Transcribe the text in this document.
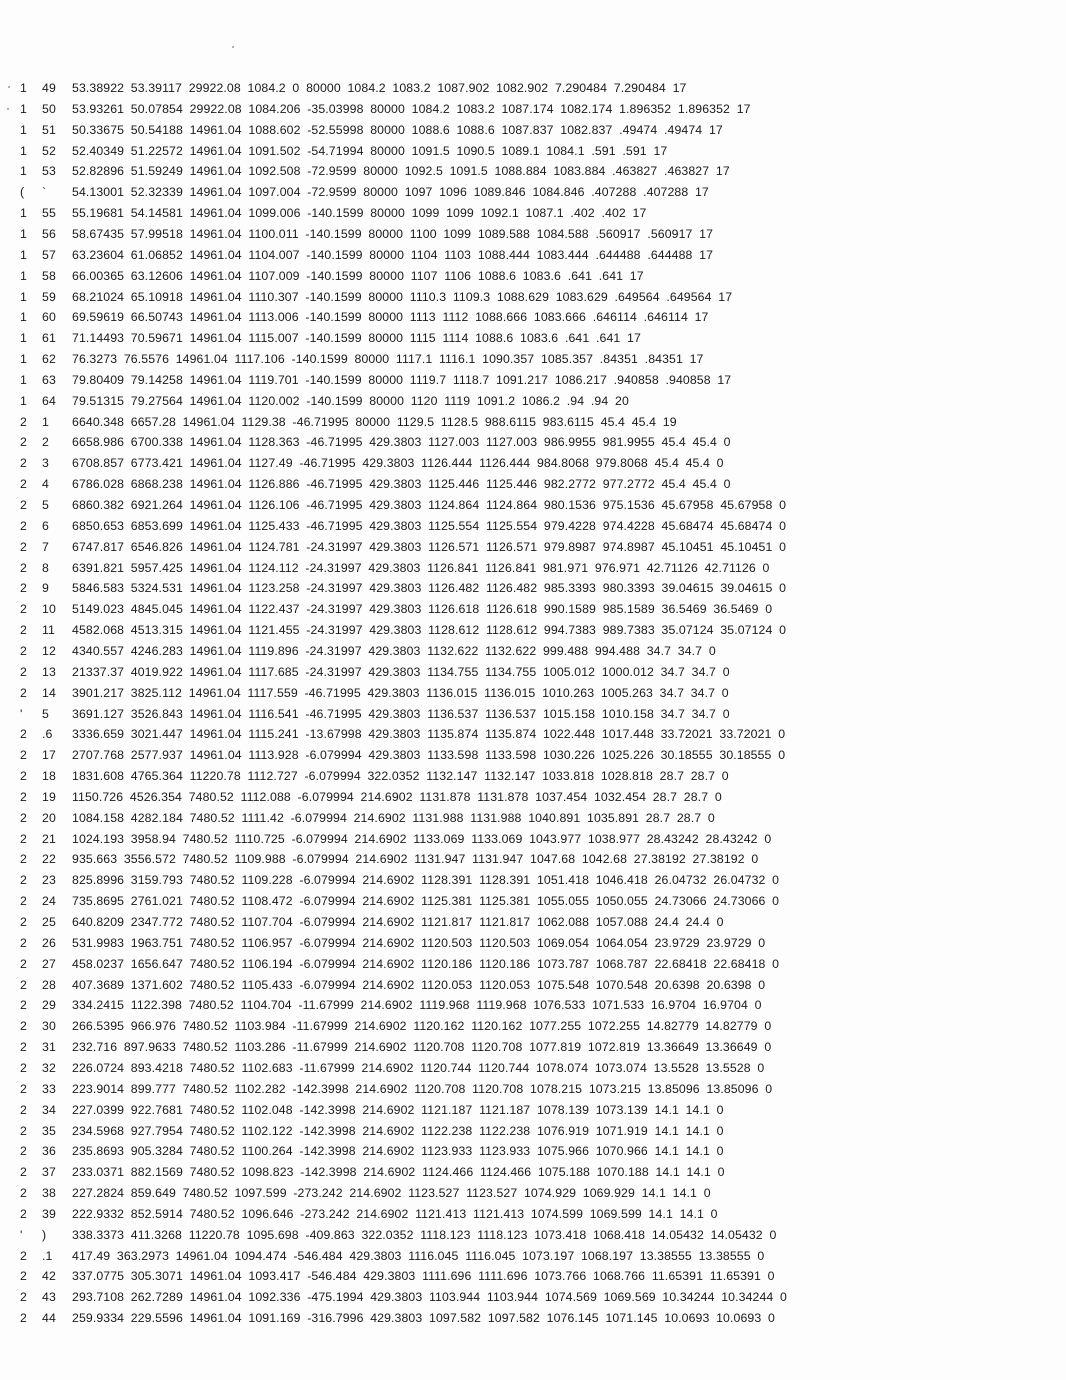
1	49	53.38922 53.39117 29922.08 1084.2 0 80000 1084.2 1083.2 1087.902 1082.902 7.290484 7.290484 17
1	50	53.93261 50.07854 29922.08 1084.206 -35.03998 80000 1084.2 1083.2 1087.174 1082.174 1.896352 1.896352 17
1	51	50.33675 50.54188 14961.04 1088.602 -52.55998 80000 1088.6 1088.6 1087.837 1082.837 .49474 .49474 17
1	52	52.40349 51.22572 14961.04 1091.502 -54.71994 80000 1091.5 1090.5 1089.1 1084.1 .591 .591 17
1	53	52.82896 51.59249 14961.04 1092.508 -72.9599 80000 1092.5 1091.5 1088.884 1083.884 .463827 .463827 17
(	`	54.13001 52.32339 14961.04 1097.004 -72.9599 80000 1097 1096 1089.846 1084.846 .407288 .407288 17
1	55	55.19681 54.14581 14961.04 1099.006 -140.1599 80000 1099 1099 1092.1 1087.1 .402 .402 17
1	56	58.67435 57.99518 14961.04 1100.011 -140.1599 80000 1100 1099 1089.588 1084.588 .560917 .560917 17
1	57	63.23604 61.06852 14961.04 1104.007 -140.1599 80000 1104 1103 1088.444 1083.444 .644488 .644488 17
1	58	66.00365 63.12606 14961.04 1107.009 -140.1599 80000 1107 1106 1088.6 1083.6 .641 .641 17
1	59	68.21024 65.10918 14961.04 1110.307 -140.1599 80000 1110.3 1109.3 1088.629 1083.629 .649564 .649564 17
1	60	69.59619 66.50743 14961.04 1113.006 -140.1599 80000 1113 1112 1088.666 1083.666 .646114 .646114 17
1	61	71.14493 70.59671 14961.04 1115.007 -140.1599 80000 1115 1114 1088.6 1083.6 .641 .641 17
1	62	76.3273 76.5576 14961.04 1117.106 -140.1599 80000 1117.1 1116.1 1090.357 1085.357 .84351 .84351 17
1	63	79.80409 79.14258 14961.04 1119.701 -140.1599 80000 1119.7 1118.7 1091.217 1086.217 .940858 .940858 17
1	64	79.51315 79.27564 14961.04 1120.002 -140.1599 80000 1120 1119 1091.2 1086.2 .94 .94 20
2	1	6640.348 6657.28 14961.04 1129.38 -46.71995 80000 1129.5 1128.5 988.6115 983.6115 45.4 45.4 19
2	2	6658.986 6700.338 14961.04 1128.363 -46.71995 429.3803 1127.003 1127.003 986.9955 981.9955 45.4 45.4 0
2	3	6708.857 6773.421 14961.04 1127.49 -46.71995 429.3803 1126.444 1126.444 984.8068 979.8068 45.4 45.4 0
2	4	6786.028 6868.238 14961.04 1126.886 -46.71995 429.3803 1125.446 1125.446 982.2772 977.2772 45.4 45.4 0
2	5	6860.382 6921.264 14961.04 1126.106 -46.71995 429.3803 1124.864 1124.864 980.1536 975.1536 45.67958 45.67958 0
2	6	6850.653 6853.699 14961.04 1125.433 -46.71995 429.3803 1125.554 1125.554 979.4228 974.4228 45.68474 45.68474 0
2	7	6747.817 6546.826 14961.04 1124.781 -24.31997 429.3803 1126.571 1126.571 979.8987 974.8987 45.10451 45.10451 0
2	8	6391.821 5957.425 14961.04 1124.112 -24.31997 429.3803 1126.841 1126.841 981.971 976.971 42.71126 42.71126 0
2	9	5846.583 5324.531 14961.04 1123.258 -24.31997 429.3803 1126.482 1126.482 985.3393 980.3393 39.04615 39.04615 0
2	10	5149.023 4845.045 14961.04 1122.437 -24.31997 429.3803 1126.618 1126.618 990.1589 985.1589 36.5469 36.5469 0
2	11	4582.068 4513.315 14961.04 1121.455 -24.31997 429.3803 1128.612 1128.612 994.7383 989.7383 35.07124 35.07124 0
2	12	4340.557 4246.283 14961.04 1119.896 -24.31997 429.3803 1132.622 1132.622 999.488 994.488 34.7 34.7 0
2	13	21337.37 4019.922 14961.04 1117.685 -24.31997 429.3803 1134.755 1134.755 1005.012 1000.012 34.7 34.7 0
2	14	3901.217 3825.112 14961.04 1117.559 -46.71995 429.3803 1136.015 1136.015 1010.263 1005.263 34.7 34.7 0
'	5	3691.127 3526.843 14961.04 1116.541 -46.71995 429.3803 1136.537 1136.537 1015.158 1010.158 34.7 34.7 0
2	.6	3336.659 3021.447 14961.04 1115.241 -13.67998 429.3803 1135.874 1135.874 1022.448 1017.448 33.72021 33.72021 0
2	17	2707.768 2577.937 14961.04 1113.928 -6.079994 429.3803 1133.598 1133.598 1030.226 1025.226 30.18555 30.18555 0
2	18	1831.608 4765.364 11220.78 1112.727 -6.079994 322.0352 1132.147 1132.147 1033.818 1028.818 28.7 28.7 0
2	19	1150.726 4526.354 7480.52 1112.088 -6.079994 214.6902 1131.878 1131.878 1037.454 1032.454 28.7 28.7 0
2	20	1084.158 4282.184 7480.52 1111.42 -6.079994 214.6902 1131.988 1131.988 1040.891 1035.891 28.7 28.7 0
2	21	1024.193 3958.94 7480.52 1110.725 -6.079994 214.6902 1133.069 1133.069 1043.977 1038.977 28.43242 28.43242 0
2	22	935.663 3556.572 7480.52 1109.988 -6.079994 214.6902 1131.947 1131.947 1047.68 1042.68 27.38192 27.38192 0
2	23	825.8996 3159.793 7480.52 1109.228 -6.079994 214.6902 1128.391 1128.391 1051.418 1046.418 26.04732 26.04732 0
2	24	735.8695 2761.021 7480.52 1108.472 -6.079994 214.6902 1125.381 1125.381 1055.055 1050.055 24.73066 24.73066 0
2	25	640.8209 2347.772 7480.52 1107.704 -6.079994 214.6902 1121.817 1121.817 1062.088 1057.088 24.4 24.4 0
2	26	531.9983 1963.751 7480.52 1106.957 -6.079994 214.6902 1120.503 1120.503 1069.054 1064.054 23.9729 23.9729 0
2	27	458.0237 1656.647 7480.52 1106.194 -6.079994 214.6902 1120.186 1120.186 1073.787 1068.787 22.68418 22.68418 0
2	28	407.3689 1371.602 7480.52 1105.433 -6.079994 214.6902 1120.053 1120.053 1075.548 1070.548 20.6398 20.6398 0
2	29	334.2415 1122.398 7480.52 1104.704 -11.67999 214.6902 1119.968 1119.968 1076.533 1071.533 16.9704 16.9704 0
2	30	266.5395 966.976 7480.52 1103.984 -11.67999 214.6902 1120.162 1120.162 1077.255 1072.255 14.82779 14.82779 0
2	31	232.716 897.9633 7480.52 1103.286 -11.67999 214.6902 1120.708 1120.708 1077.819 1072.819 13.36649 13.36649 0
2	32	226.0724 893.4218 7480.52 1102.683 -11.67999 214.6902 1120.744 1120.744 1078.074 1073.074 13.5528 13.5528 0
2	33	223.9014 899.777 7480.52 1102.282 -142.3998 214.6902 1120.708 1120.708 1078.215 1073.215 13.85096 13.85096 0
2	34	227.0399 922.7681 7480.52 1102.048 -142.3998 214.6902 1121.187 1121.187 1078.139 1073.139 14.1 14.1 0
2	35	234.5968 927.7954 7480.52 1102.122 -142.3998 214.6902 1122.238 1122.238 1076.919 1071.919 14.1 14.1 0
2	36	235.8693 905.3284 7480.52 1100.264 -142.3998 214.6902 1123.933 1123.933 1075.966 1070.966 14.1 14.1 0
2	37	233.0371 882.1569 7480.52 1098.823 -142.3998 214.6902 1124.466 1124.466 1075.188 1070.188 14.1 14.1 0
2	38	227.2824 859.649 7480.52 1097.599 -273.242 214.6902 1123.527 1123.527 1074.929 1069.929 14.1 14.1 0
2	39	222.9332 852.5914 7480.52 1096.646 -273.242 214.6902 1121.413 1121.413 1074.599 1069.599 14.1 14.1 0
'	)	338.3373 411.3268 11220.78 1095.698 -409.863 322.0352 1118.123 1118.123 1073.418 1068.418 14.05432 14.05432 0
2	.1	417.49 363.2973 14961.04 1094.474 -546.484 429.3803 1116.045 1116.045 1073.197 1068.197 13.38555 13.38555 0
2	42	337.0775 305.3071 14961.04 1093.417 -546.484 429.3803 1111.696 1111.696 1073.766 1068.766 11.65391 11.65391 0
2	43	293.7108 262.7289 14961.04 1092.336 -475.1994 429.3803 1103.944 1103.944 1074.569 1069.569 10.34244 10.34244 0
2	44	259.9334 229.5596 14961.04 1091.169 -316.7996 429.3803 1097.582 1097.582 1076.145 1071.145 10.0693 10.0693 0
